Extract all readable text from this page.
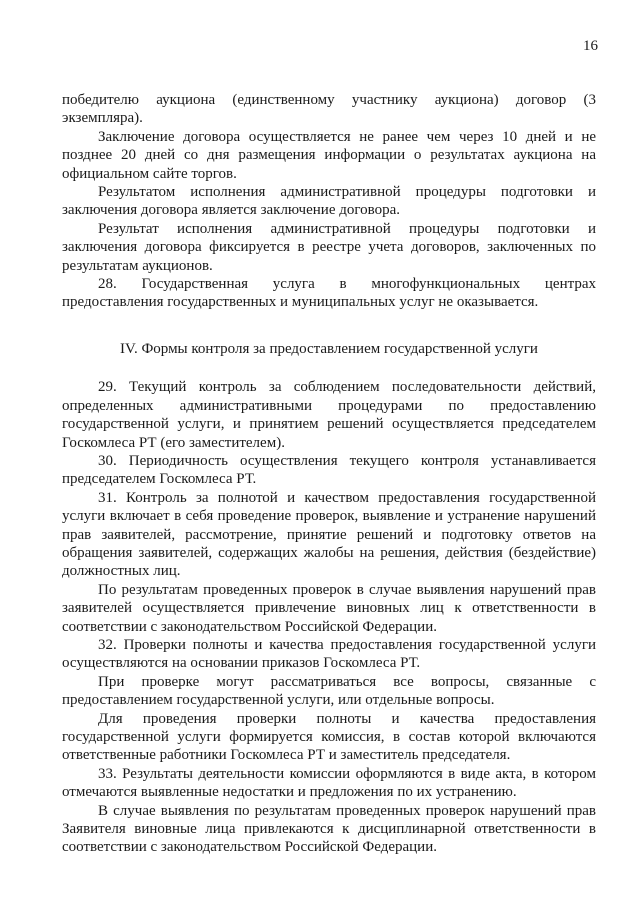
16

победителю аукциона (единственному участнику аукциона) договор (3 экземпляра).

Заключение договора осуществляется не ранее чем через 10 дней и не позднее 20 дней со дня размещения информации о результатах аукциона на официальном сайте торгов.

Результатом исполнения административной процедуры подготовки и заключения договора является заключение договора.

Результат исполнения административной процедуры подготовки и заключения договора фиксируется в реестре учета договоров, заключенных по результатам аукционов.

28. Государственная услуга в многофункциональных центрах предоставления государственных и муниципальных услуг не оказывается.

IV. Формы контроля за предоставлением государственной услуги

29. Текущий контроль за соблюдением последовательности действий, определенных административными процедурами по предоставлению государственной услуги, и принятием решений осуществляется председателем Госкомлеса РТ (его заместителем).

30. Периодичность осуществления текущего контроля устанавливается председателем Госкомлеса РТ.

31. Контроль за полнотой и качеством предоставления государственной услуги включает в себя проведение проверок, выявление и устранение нарушений прав заявителей, рассмотрение, принятие решений и подготовку ответов на обращения заявителей, содержащих жалобы на решения, действия (бездействие) должностных лиц.

По результатам проведенных проверок в случае выявления нарушений прав заявителей осуществляется привлечение виновных лиц к ответственности в соответствии с законодательством Российской Федерации.

32. Проверки полноты и качества предоставления государственной услуги осуществляются на основании приказов Госкомлеса РТ.

При проверке могут рассматриваться все вопросы, связанные с предоставлением государственной услуги, или отдельные вопросы.

Для проведения проверки полноты и качества предоставления государственной услуги формируется комиссия, в состав которой включаются ответственные работники Госкомлеса РТ и заместитель председателя.

33. Результаты деятельности комиссии оформляются в виде акта, в котором отмечаются выявленные недостатки и предложения по их устранению.

В случае выявления по результатам проведенных проверок нарушений прав Заявителя виновные лица привлекаются к дисциплинарной ответственности в соответствии с законодательством Российской Федерации.
